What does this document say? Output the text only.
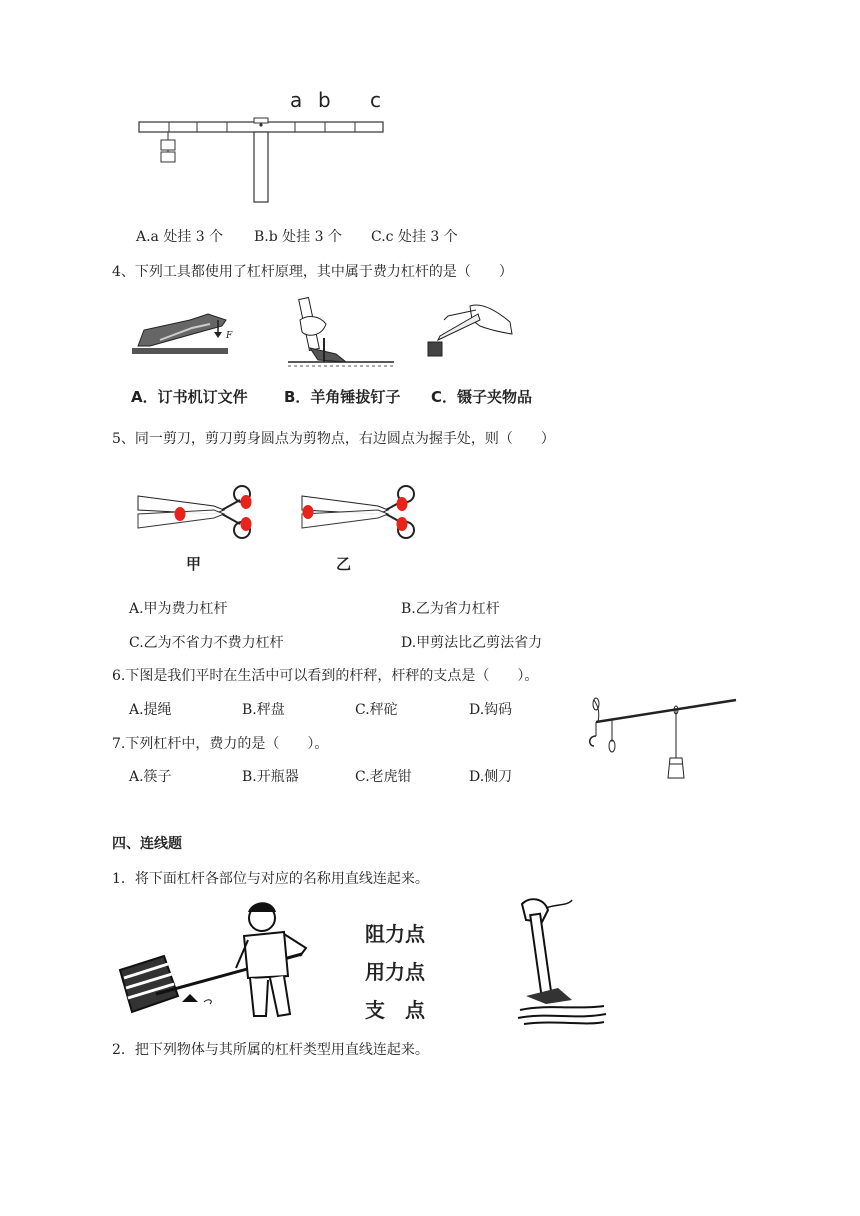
a b c
A.a 处挂 3 个 B.b 处挂 3 个 C.c 处挂 3 个
4、下列工具都使用了杠杆原理，其中属于费力杠杆的是（　　）
F
A．订书机订文件 B．羊角锤拔钉子 C．镊子夹物品
5、同一剪刀，剪刀剪身圆点为剪物点，右边圆点为握手处，则（　　）
甲	乙
A.甲为费力杠杆	B.乙为省力杠杆
C.乙为不省力不费力杠杆	D.甲剪法比乙剪法省力
6.下图是我们平时在生活中可以看到的杆秤，杆秤的支点是（　　）。
A.提绳	B.秤盘	C.秤砣	D.钩码
7.下列杠杆中，费力的是（　　）。
A.筷子	B.开瓶器	C.老虎钳	D.侧刀
四、连线题
1．将下面杠杆各部位与对应的名称用直线连起来。
阻力点
用力点
支　点
2．把下列物体与其所属的杠杆类型用直线连起来。
